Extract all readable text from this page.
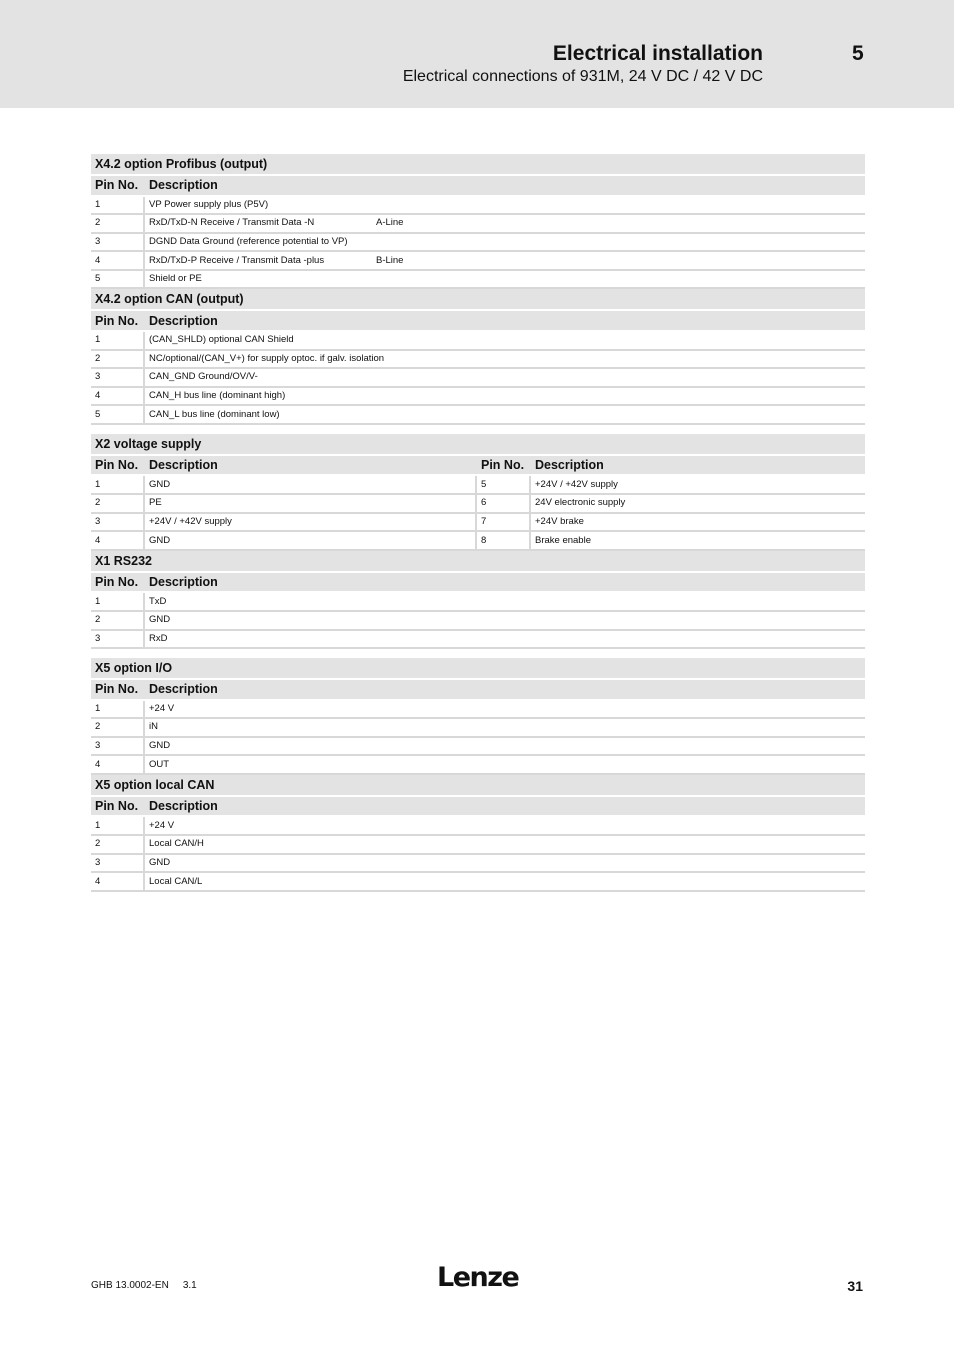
Electrical installation	5
Electrical connections of 931M, 24 V DC / 42 V DC
X4.2 option Profibus (output)	
Pin No.	Description
1	VP Power supply plus (P5V)
2	RxD/TxD-N Receive / Transmit Data -N A-Line
3	DGND Data Ground (reference potential to VP)
4	RxD/TxD-P Receive / Transmit Data -plus B-Line
5	Shield or PE
X4.2 option CAN (output)	
Pin No.	Description
1	(CAN_SHLD) optional CAN Shield
2	NC/optional/(CAN_V+) for supply optoc. if galv. isolation
3	CAN_GND Ground/OV/V-
4	CAN_H bus line (dominant high)
5	CAN_L bus line (dominant low)
X2 voltage supply			
Pin No.	Description	Pin No.	Description
1	GND	5	+24V / +42V supply
2	PE	6	24V electronic supply
3	+24V / +42V supply	7	+24V brake
4	GND	8	Brake enable
X1 RS232			
Pin No.	Description		
1	TxD		
2	GND		
3	RxD		
X5 option I/O	
Pin No.	Description
1	+24 V
2	iN
3	GND
4	OUT
X5 option local CAN	
Pin No.	Description
1	+24 V
2	Local CAN/H
3	GND
4	Local CAN/L
GHB 13.0002-EN 3.1	Lenze	31
